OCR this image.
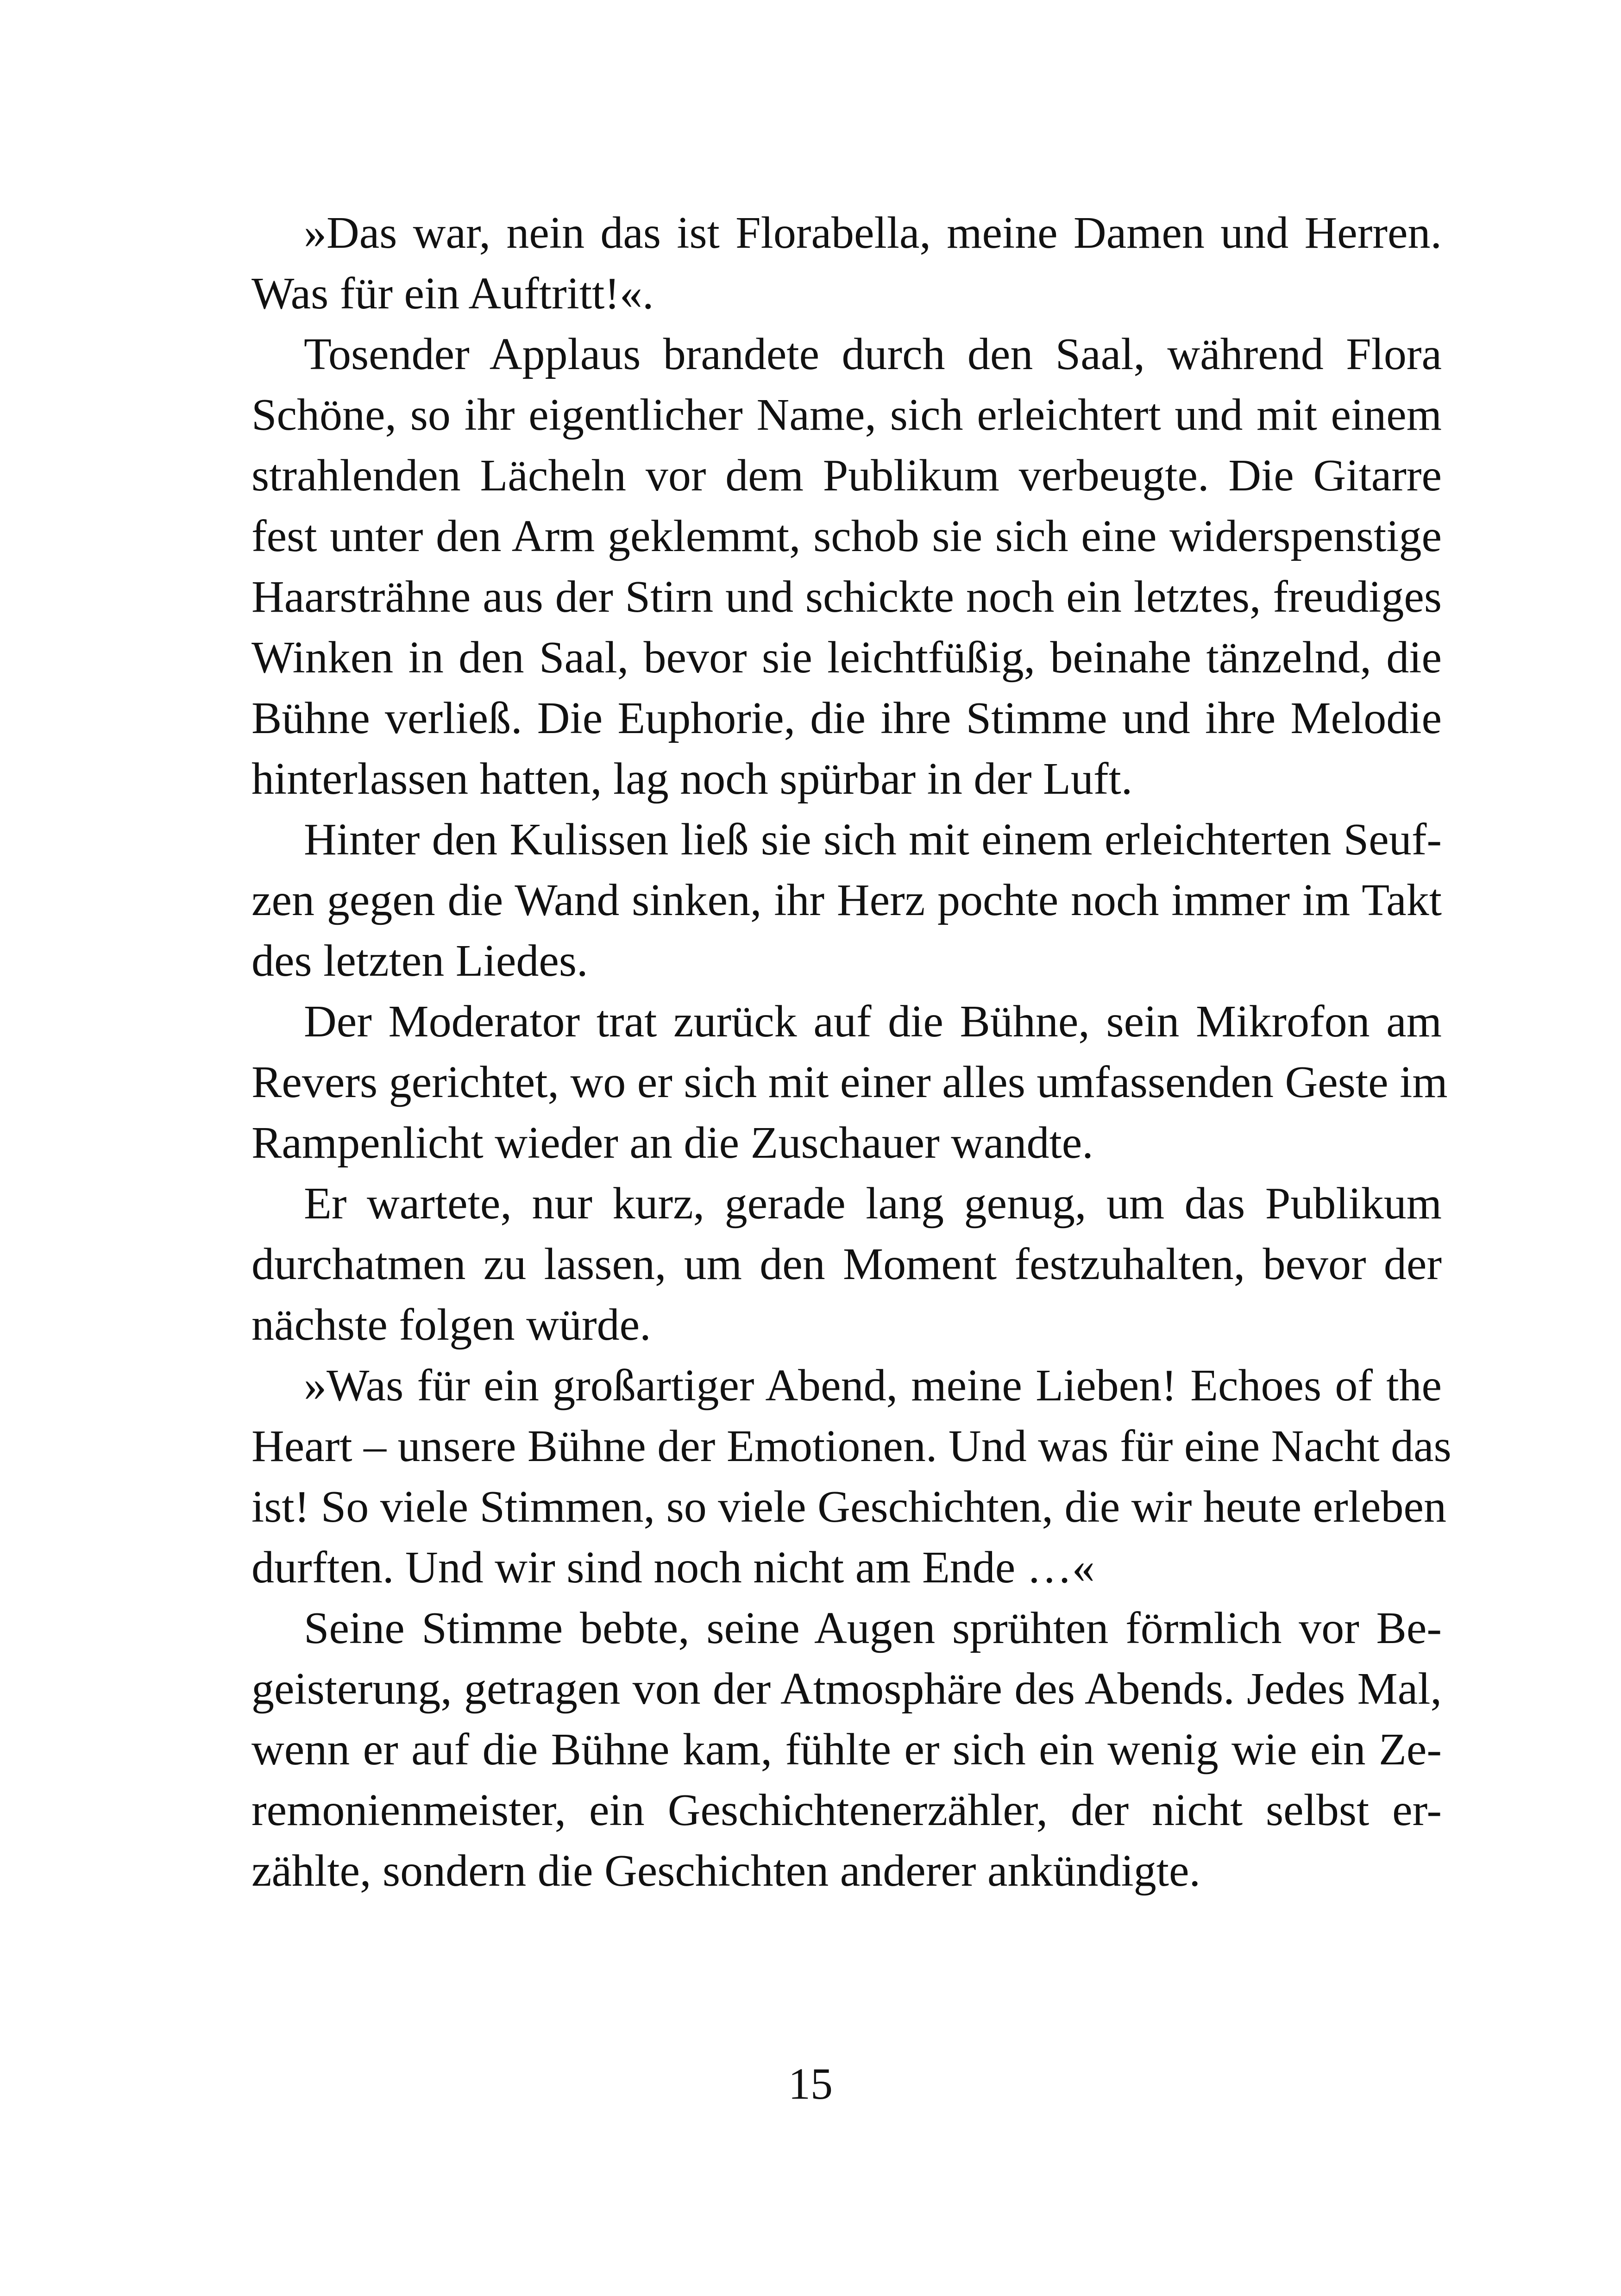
»Das war, nein das ist Florabella, meine Damen und Herren.
Was für ein Auftritt!«.
Tosender Applaus brandete durch den Saal, während Flora
Schöne, so ihr eigentlicher Name, sich erleichtert und mit einem
strahlenden Lächeln vor dem Publikum verbeugte. Die Gitarre
fest unter den Arm geklemmt, schob sie sich eine widerspenstige
Haarsträhne aus der Stirn und schickte noch ein letztes, freudiges
Winken in den Saal, bevor sie leichtfüßig, beinahe tänzelnd, die
Bühne verließ. Die Euphorie, die ihre Stimme und ihre Melodie
hinterlassen hatten, lag noch spürbar in der Luft.
Hinter den Kulissen ließ sie sich mit einem erleichterten Seuf-
zen gegen die Wand sinken, ihr Herz pochte noch immer im Takt
des letzten Liedes.
Der Moderator trat zurück auf die Bühne, sein Mikrofon am
Revers gerichtet, wo er sich mit einer alles umfassenden Geste im
Rampenlicht wieder an die Zuschauer wandte.
Er wartete, nur kurz, gerade lang genug, um das Publikum
durchatmen zu lassen, um den Moment festzuhalten, bevor der
nächste folgen würde.
»Was für ein großartiger Abend, meine Lieben! Echoes of the
Heart – unsere Bühne der Emotionen. Und was für eine Nacht das
ist! So viele Stimmen, so viele Geschichten, die wir heute erleben
durften. Und wir sind noch nicht am Ende …«
Seine Stimme bebte, seine Augen sprühten förmlich vor Be-
geisterung, getragen von der Atmosphäre des Abends. Jedes Mal,
wenn er auf die Bühne kam, fühlte er sich ein wenig wie ein Ze-
remonienmeister, ein Geschichtenerzähler, der nicht selbst er-
zählte, sondern die Geschichten anderer ankündigte.
15
